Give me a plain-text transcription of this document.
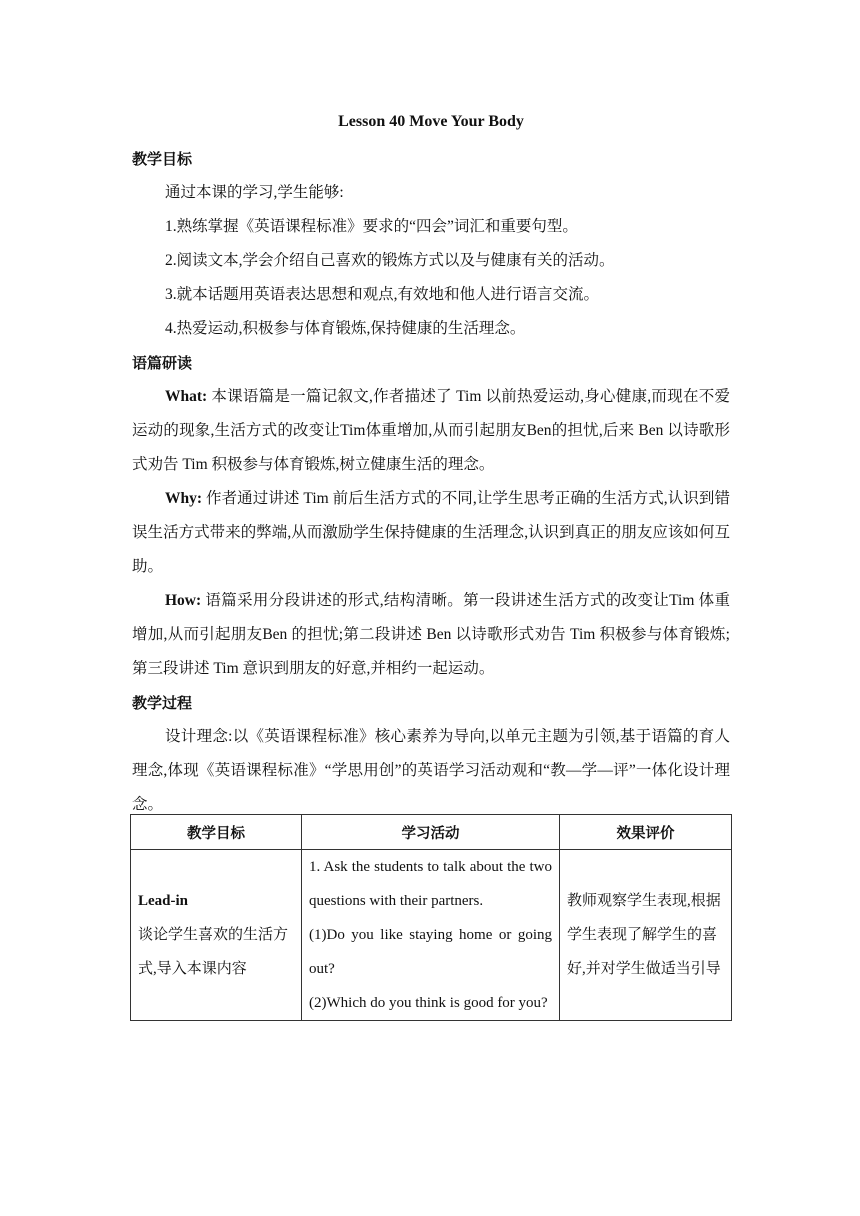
Lesson 40 Move Your Body
教学目标

通过本课的学习,学生能够:

1.熟练掌握《英语课程标准》要求的“四会”词汇和重要句型。

2.阅读文本,学会介绍自己喜欢的锻炼方式以及与健康有关的活动。

3.就本话题用英语表达思想和观点,有效地和他人进行语言交流。

4.热爱运动,积极参与体育锻炼,保持健康的生活理念。

语篇研读

What: 本课语篇是一篇记叙文,作者描述了 Tim 以前热爱运动,身心健康,而现在不爱运动的现象,生活方式的改变让Tim体重增加,从而引起朋友Ben的担忧,后来 Ben 以诗歌形式劝告 Tim 积极参与体育锻炼,树立健康生活的理念。

Why: 作者通过讲述 Tim 前后生活方式的不同,让学生思考正确的生活方式,认识到错误生活方式带来的弊端,从而激励学生保持健康的生活理念,认识到真正的朋友应该如何互助。

How: 语篇采用分段讲述的形式,结构清晰。第一段讲述生活方式的改变让Tim 体重增加,从而引起朋友Ben 的担忧;第二段讲述 Ben 以诗歌形式劝告 Tim 积极参与体育锻炼;第三段讲述 Tim 意识到朋友的好意,并相约一起运动。

教学过程

设计理念:以《英语课程标准》核心素养为导向,以单元主题为引领,基于语篇的育人理念,体现《英语课程标准》“学思用创”的英语学习活动观和“教—学—评”一体化设计理念。

教学目标	学习活动	效果评价

Lead-in
谈论学生喜欢的生活方式,导入本课内容	1. Ask the students to talk about the two questions with their partners.
(1)Do you like staying home or going out?
(2)Which do you think is good for you?	教师观察学生表现,根据学生表现了解学生的喜好,并对学生做适当引导
